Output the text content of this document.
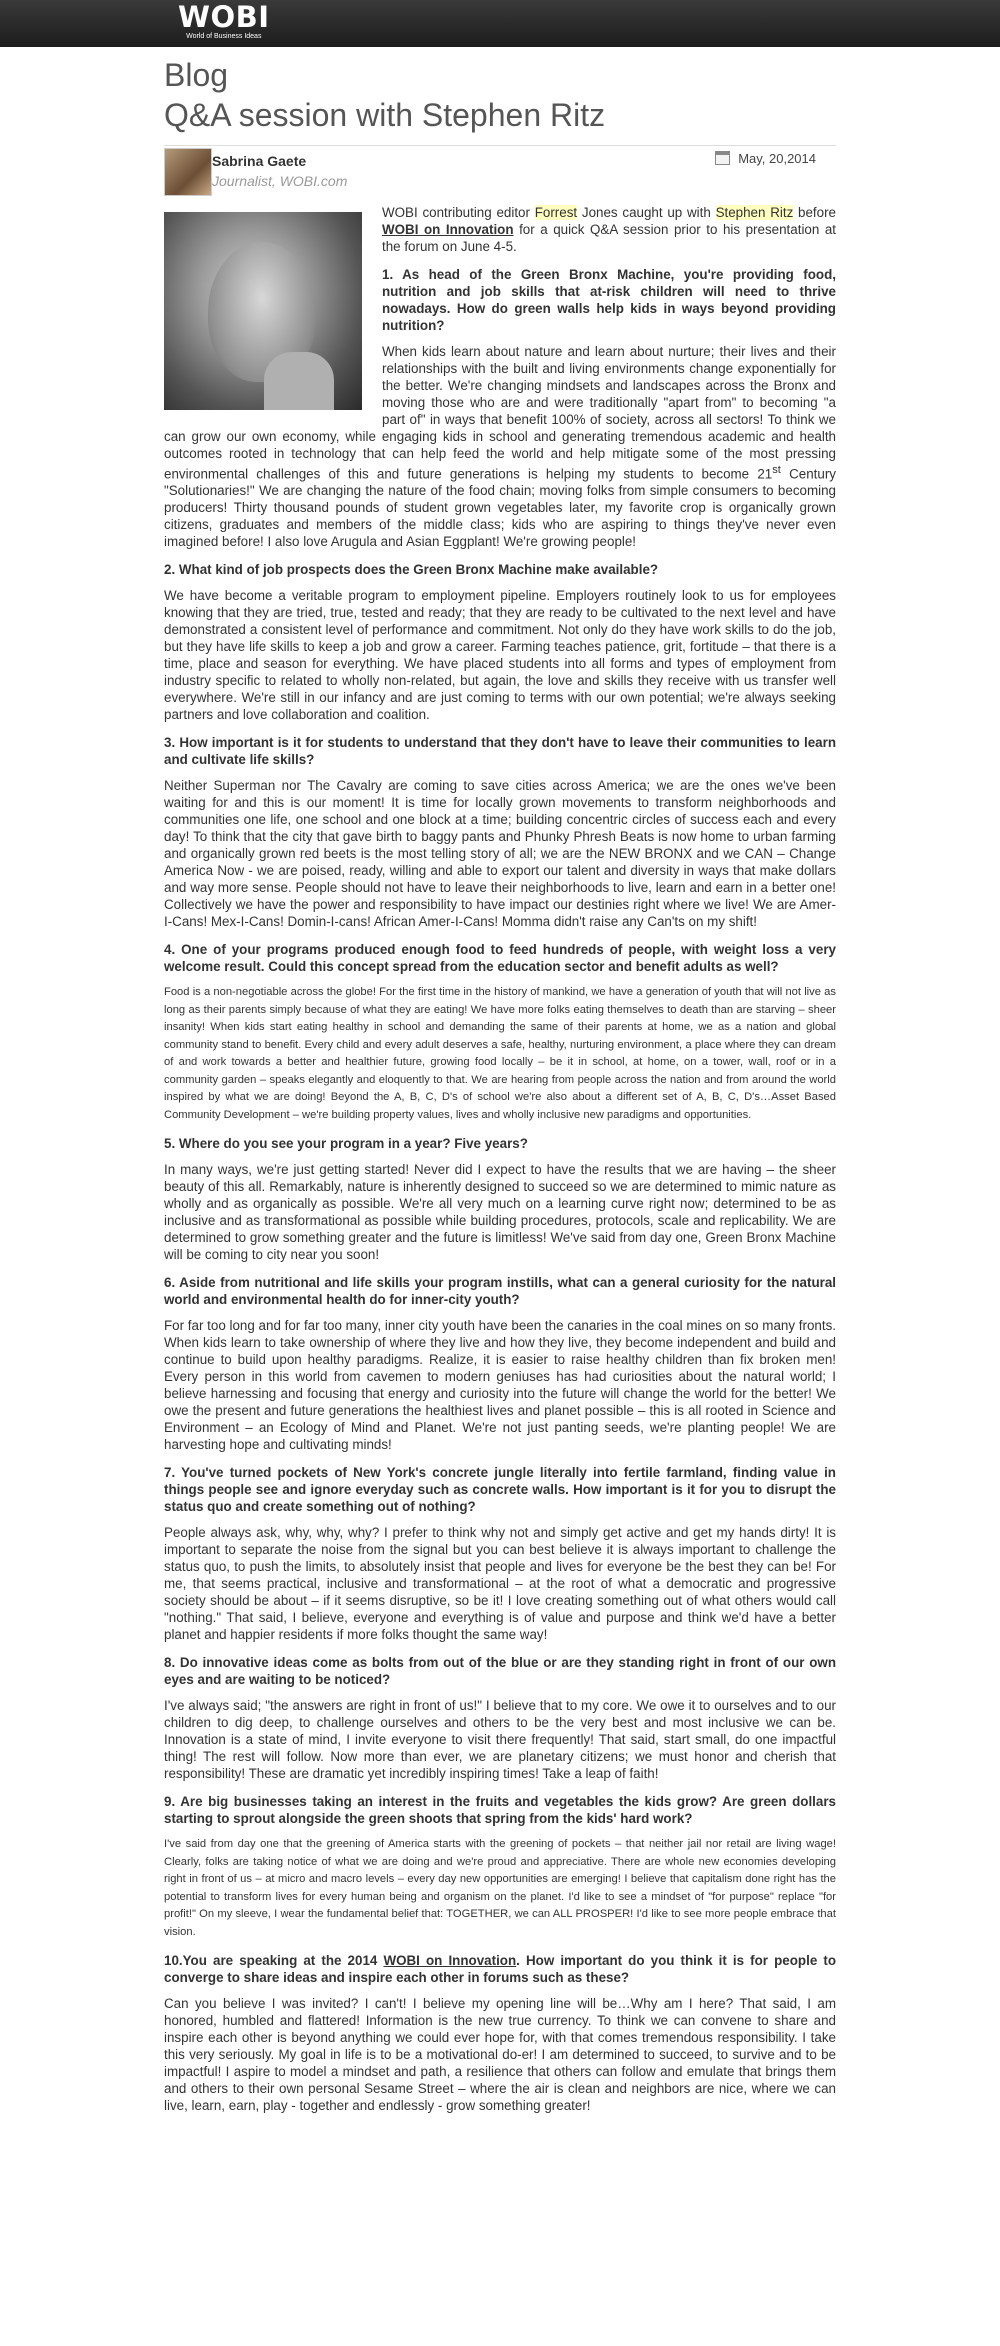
WOBI
World of Business Ideas
Blog
Q&A session with Stephen Ritz
Sabrina Gaete
Journalist, WOBI.com
May, 20,2014

WOBI contributing editor Forrest Jones caught up with Stephen Ritz before WOBI on Innovation for a quick Q&A session prior to his presentation at the forum on June 4-5.

1. As head of the Green Bronx Machine, you're providing food, nutrition and job skills that at-risk children will need to thrive nowadays. How do green walls help kids in ways beyond providing nutrition?

When kids learn about nature and learn about nurture; their lives and their relationships with the built and living environments change exponentially for the better. We're changing mindsets and landscapes across the Bronx and moving those who are and were traditionally "apart from" to becoming "a part of" in ways that benefit 100% of society, across all sectors! To think we can grow our own economy, while engaging kids in school and generating tremendous academic and health outcomes rooted in technology that can help feed the world and help mitigate some of the most pressing environmental challenges of this and future generations is helping my students to become 21st Century "Solutionaries!" We are changing the nature of the food chain; moving folks from simple consumers to becoming producers! Thirty thousand pounds of student grown vegetables later, my favorite crop is organically grown citizens, graduates and members of the middle class; kids who are aspiring to things they've never even imagined before! I also love Arugula and Asian Eggplant! We're growing people!

2. What kind of job prospects does the Green Bronx Machine make available?

We have become a veritable program to employment pipeline. Employers routinely look to us for employees knowing that they are tried, true, tested and ready; that they are ready to be cultivated to the next level and have demonstrated a consistent level of performance and commitment. Not only do they have work skills to do the job, but they have life skills to keep a job and grow a career. Farming teaches patience, grit, fortitude – that there is a time, place and season for everything. We have placed students into all forms and types of employment from industry specific to related to wholly non-related, but again, the love and skills they receive with us transfer well everywhere. We're still in our infancy and are just coming to terms with our own potential; we're always seeking partners and love collaboration and coalition.

3. How important is it for students to understand that they don't have to leave their communities to learn and cultivate life skills?

Neither Superman nor The Cavalry are coming to save cities across America; we are the ones we've been waiting for and this is our moment! It is time for locally grown movements to transform neighborhoods and communities one life, one school and one block at a time; building concentric circles of success each and every day! To think that the city that gave birth to baggy pants and Phunky Phresh Beats is now home to urban farming and organically grown red beets is the most telling story of all; we are the NEW BRONX and we CAN – Change America Now - we are poised, ready, willing and able to export our talent and diversity in ways that make dollars and way more sense. People should not have to leave their neighborhoods to live, learn and earn in a better one! Collectively we have the power and responsibility to have impact our destinies right where we live! We are Amer-I-Cans! Mex-I-Cans! Domin-I-cans! African Amer-I-Cans! Momma didn't raise any Can'ts on my shift!

4. One of your programs produced enough food to feed hundreds of people, with weight loss a very welcome result. Could this concept spread from the education sector and benefit adults as well?

Food is a non-negotiable across the globe! For the first time in the history of mankind, we have a generation of youth that will not live as long as their parents simply because of what they are eating! We have more folks eating themselves to death than are starving – sheer insanity! When kids start eating healthy in school and demanding the same of their parents at home, we as a nation and global community stand to benefit. Every child and every adult deserves a safe, healthy, nurturing environment, a place where they can dream of and work towards a better and healthier future, growing food locally – be it in school, at home, on a tower, wall, roof or in a community garden – speaks elegantly and eloquently to that. We are hearing from people across the nation and from around the world inspired by what we are doing! Beyond the A, B, C, D's of school we're also about a different set of A, B, C, D's…Asset Based Community Development – we're building property values, lives and wholly inclusive new paradigms and opportunities.

5. Where do you see your program in a year? Five years?

In many ways, we're just getting started! Never did I expect to have the results that we are having – the sheer beauty of this all. Remarkably, nature is inherently designed to succeed so we are determined to mimic nature as wholly and as organically as possible. We're all very much on a learning curve right now; determined to be as inclusive and as transformational as possible while building procedures, protocols, scale and replicability. We are determined to grow something greater and the future is limitless! We've said from day one, Green Bronx Machine will be coming to city near you soon!

6. Aside from nutritional and life skills your program instills, what can a general curiosity for the natural world and environmental health do for inner-city youth?

For far too long and for far too many, inner city youth have been the canaries in the coal mines on so many fronts. When kids learn to take ownership of where they live and how they live, they become independent and build and continue to build upon healthy paradigms. Realize, it is easier to raise healthy children than fix broken men! Every person in this world from cavemen to modern geniuses has had curiosities about the natural world; I believe harnessing and focusing that energy and curiosity into the future will change the world for the better! We owe the present and future generations the healthiest lives and planet possible – this is all rooted in Science and Environment – an Ecology of Mind and Planet. We're not just panting seeds, we're planting people! We are harvesting hope and cultivating minds!

7. You've turned pockets of New York's concrete jungle literally into fertile farmland, finding value in things people see and ignore everyday such as concrete walls. How important is it for you to disrupt the status quo and create something out of nothing?

People always ask, why, why, why? I prefer to think why not and simply get active and get my hands dirty! It is important to separate the noise from the signal but you can best believe it is always important to challenge the status quo, to push the limits, to absolutely insist that people and lives for everyone be the best they can be! For me, that seems practical, inclusive and transformational – at the root of what a democratic and progressive society should be about – if it seems disruptive, so be it! I love creating something out of what others would call "nothing." That said, I believe, everyone and everything is of value and purpose and think we'd have a better planet and happier residents if more folks thought the same way!

8. Do innovative ideas come as bolts from out of the blue or are they standing right in front of our own eyes and are waiting to be noticed?

I've always said; "the answers are right in front of us!" I believe that to my core. We owe it to ourselves and to our children to dig deep, to challenge ourselves and others to be the very best and most inclusive we can be. Innovation is a state of mind, I invite everyone to visit there frequently! That said, start small, do one impactful thing! The rest will follow. Now more than ever, we are planetary citizens; we must honor and cherish that responsibility! These are dramatic yet incredibly inspiring times! Take a leap of faith!

9. Are big businesses taking an interest in the fruits and vegetables the kids grow? Are green dollars starting to sprout alongside the green shoots that spring from the kids' hard work?

I've said from day one that the greening of America starts with the greening of pockets – that neither jail nor retail are living wage! Clearly, folks are taking notice of what we are doing and we're proud and appreciative. There are whole new economies developing right in front of us – at micro and macro levels – every day new opportunities are emerging! I believe that capitalism done right has the potential to transform lives for every human being and organism on the planet. I'd like to see a mindset of "for purpose" replace "for profit!" On my sleeve, I wear the fundamental belief that: TOGETHER, we can ALL PROSPER! I'd like to see more people embrace that vision.

10.You are speaking at the 2014 WOBI on Innovation. How important do you think it is for people to converge to share ideas and inspire each other in forums such as these?

Can you believe I was invited? I can't! I believe my opening line will be…Why am I here? That said, I am honored, humbled and flattered! Information is the new true currency. To think we can convene to share and inspire each other is beyond anything we could ever hope for, with that comes tremendous responsibility. I take this very seriously. My goal in life is to be a motivational do-er! I am determined to succeed, to survive and to be impactful! I aspire to model a mindset and path, a resilience that others can follow and emulate that brings them and others to their own personal Sesame Street – where the air is clean and neighbors are nice, where we can live, learn, earn, play - together and endlessly - grow something greater!
